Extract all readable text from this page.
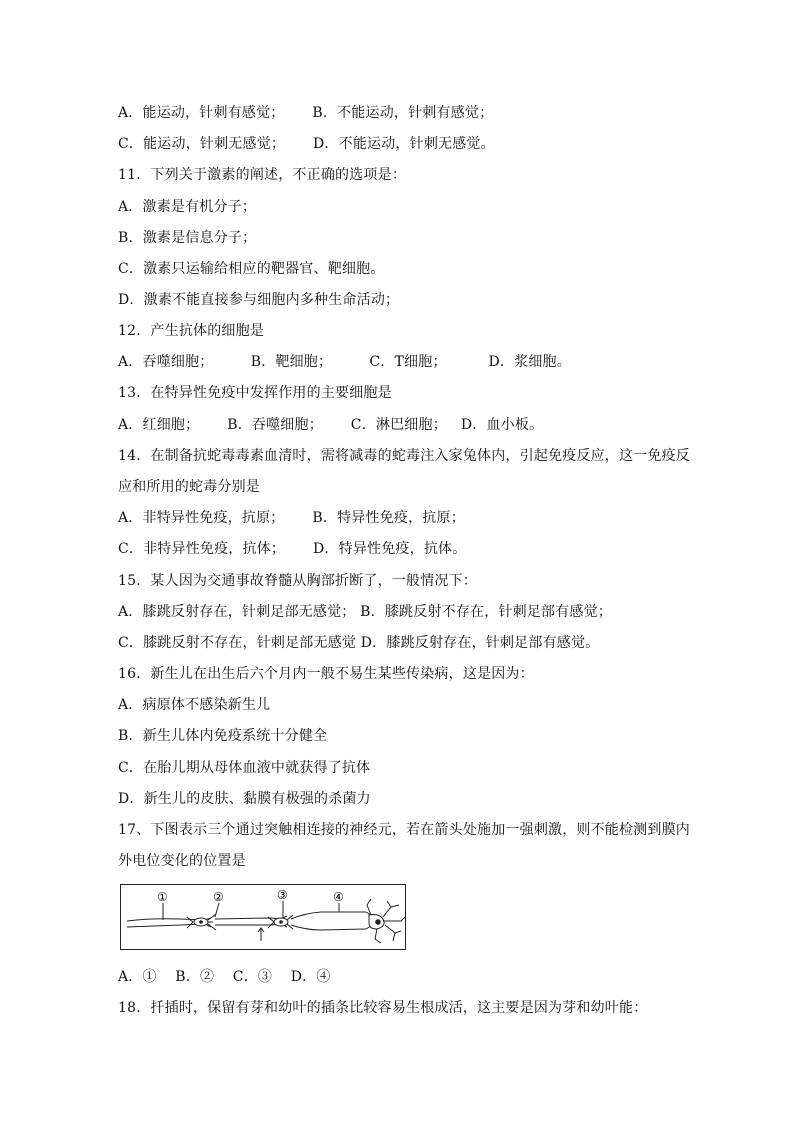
A．能运动，针刺有感觉；      B．不能运动，针刺有感觉；
C．能运动，针刺无感觉；      D．不能运动，针刺无感觉。
11．下列关于激素的阐述，不正确的选项是：
A．激素是有机分子；
B．激素是信息分子；
C．激素只运输给相应的靶器官、靶细胞。
D．激素不能直接参与细胞内多种生命活动；
12．产生抗体的细胞是
A．吞噬细胞；        B．靶细胞；        C．T细胞；         D．浆细胞。
13．在特异性免疫中发挥作用的主要细胞是
A．红细胞；      B．吞噬细胞；      C．淋巴细胞；   D．血小板。
14．在制备抗蛇毒毒素血清时，需将减毒的蛇毒注入家兔体内，引起免疫反应，这一免疫反
应和所用的蛇毒分别是
A．非特异性免疫，抗原；      B．特异性免疫，抗原；
C．非特异性免疫，抗体；      D．特异性免疫，抗体。
15．某人因为交通事故脊髓从胸部折断了，一般情况下：
A．膝跳反射存在，针刺足部无感觉； B．膝跳反射不存在，针刺足部有感觉；
C．膝跳反射不存在，针刺足部无感觉 D．膝跳反射存在，针刺足部有感觉。
16．新生儿在出生后六个月内一般不易生某些传染病，这是因为：
A．病原体不感染新生儿
B．新生儿体内免疫系统十分健全
C．在胎儿期从母体血液中就获得了抗体
D．新生儿的皮肤、黏膜有极强的杀菌力
17、下图表示三个通过突触相连接的神经元，若在箭头处施加一强刺激，则不能检测到膜内
外电位变化的位置是
①	②	③	④
A．①    B．②    C．③    D．④
18．扦插时，保留有芽和幼叶的插条比较容易生根成活，这主要是因为芽和幼叶能：
